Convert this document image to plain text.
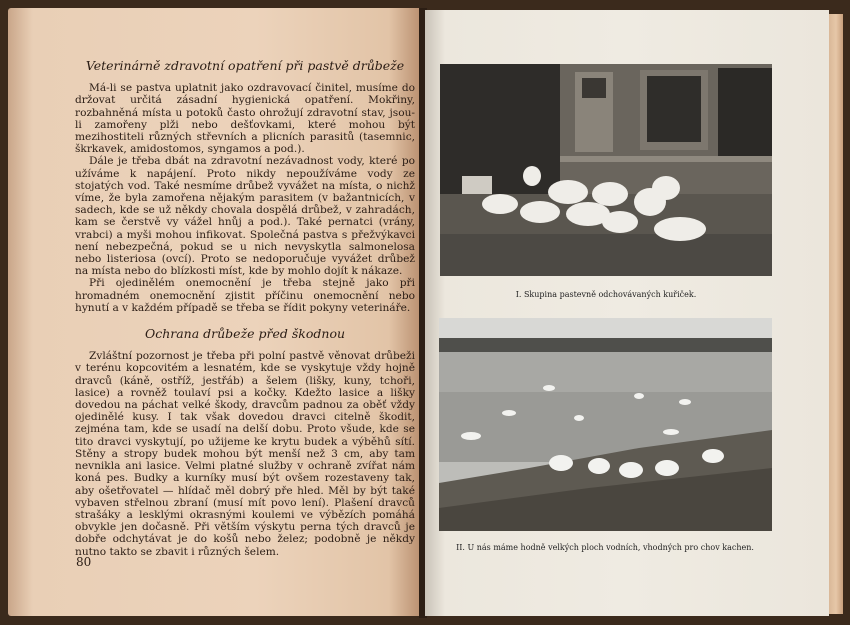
Veterinárně zdravotní opatření při pastvě drůbeže

Má-li se pastva uplatnit jako ozdravovací činitel, musíme do držovat určitá zásadní hygienická opatření. Mokřiny, rozbahněná místa u potoků často ohrožují zdravotní stav, jsou-li zamořeny plži nebo dešťovkami, které mohou být mezihostiteli různých střevních a plicních parasitů (tasemnic, škrkavek, amidostomos, syngamos a pod.).

Dále je třeba dbát na zdravotní nezávadnost vody, které po užíváme k napájení. Proto nikdy nepoužíváme vody ze stojatých vod. Také nesmíme drůbež vyvážet na místa, o nichž víme, že byla zamořena nějakým parasitem (v bažantnicích, v sadech, kde se už někdy chovala dospělá drůbež, v zahradách, kam se čerstvě vy vážel hnůj a pod.). Také pernatci (vrány, vrabci) a myši mohou infikovat. Společná pastva s přežvýkavci není nebezpečná, pokud se u nich nevyskytla salmonelosa nebo listeriosa (ovcí). Proto se nedoporučuje vyvážet drůbež na místa nebo do blízkosti míst, kde by mohlo dojít k nákaze.

Při ojedinělém onemocnění je třeba stejně jako při hromadném onemocnění zjistit příčinu onemocnění nebo hynutí a v každém případě se třeba se řídit pokyny veterináře.

Ochrana drůbeže před škodnou

Zvláštní pozornost je třeba při polní pastvě věnovat drůbeži v terénu kopcovitém a lesnatém, kde se vyskytuje vždy hojně dravců (káně, ostříž, jestřáb) a šelem (lišky, kuny, tchoři, lasice) a rovněž toulaví psi a kočky. Kdežto lasice a lišky dovedou na páchat velké škody, dravcům padnou za oběť vždy ojedinělé kusy. I tak však dovedou dravci citelně škodit, zejména tam, kde se usadí na delší dobu. Proto všude, kde se tito dravci vyskytují, po užijeme ke krytu budek a výběhů sítí. Stěny a stropy budek mohou být menší než 3 cm, aby tam nevnikla ani lasice. Velmi platné služby v ochraně zvířat nám koná pes. Budky a kurníky musí být ovšem rozestaveny tak, aby ošetřovatel — hlídač měl dobrý pře hled. Měl by být také vybaven střelnou zbraní (musí mít povo lení). Plašení dravců strašáky a lesklými okrasnými koulemi ve výbězích pomáhá obvykle jen dočasně. Při větším výskytu perna tých dravců je dobře odchytávat je do košů nebo želez; podobně je někdy nutno takto se zbavit i různých šelem.

80
I. Skupina pastevně odchovávaných kuřiček.
II. U nás máme hodně velkých ploch vodních, vhodných pro chov kachen.
